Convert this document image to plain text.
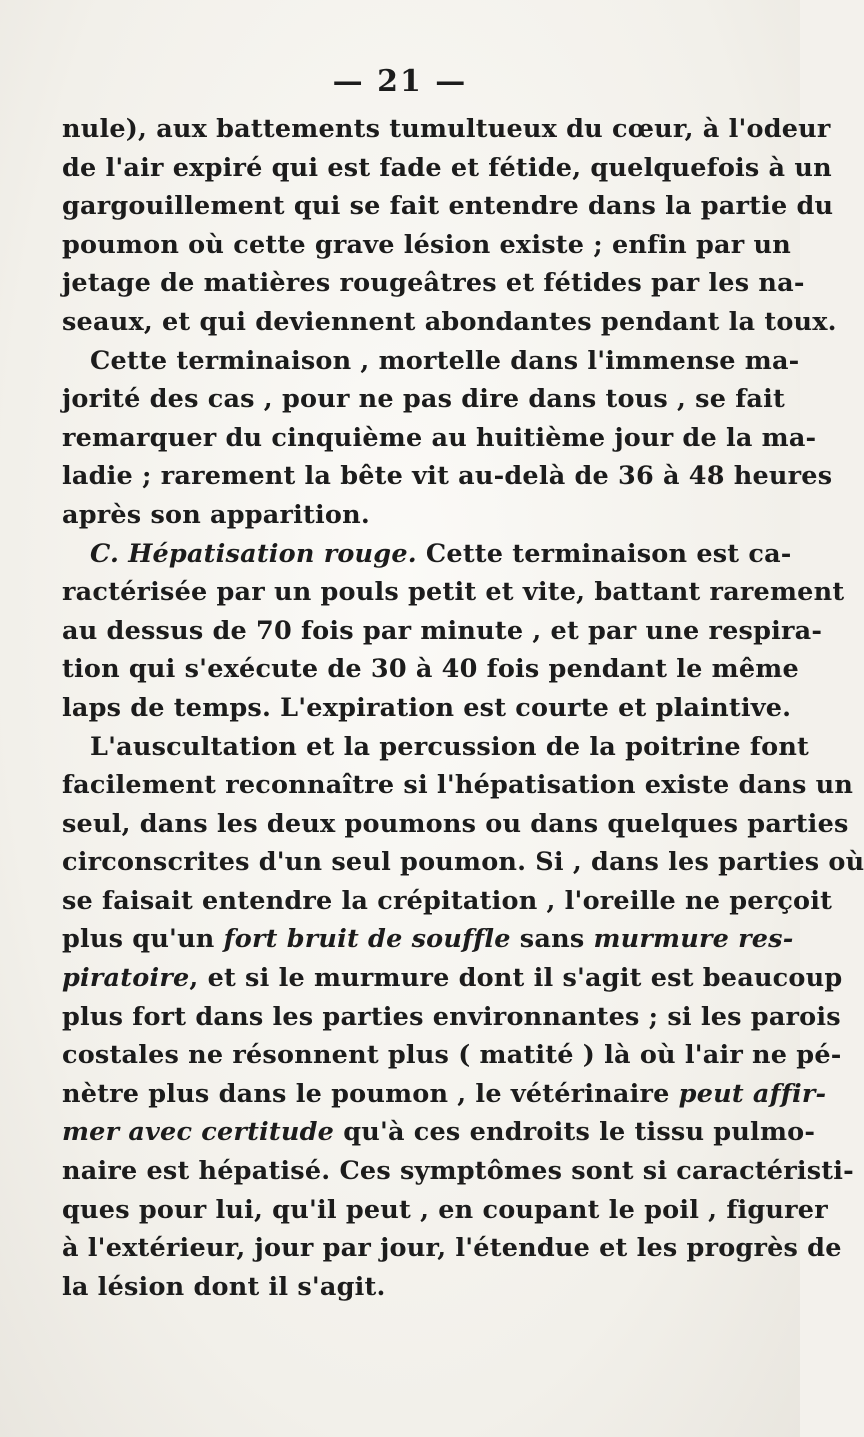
— 21 —
nule), aux battements tumultueux du cœur, à l'odeur
de l'air expiré qui est fade et fétide, quelquefois à un
gargouillement qui se fait entendre dans la partie du
poumon où cette grave lésion existe ; enfin par un
jetage de matières rougeâtres et fétides par les na-
seaux, et qui deviennent abondantes pendant la toux.
Cette terminaison , mortelle dans l'immense ma-
jorité des cas , pour ne pas dire dans tous , se fait
remarquer du cinquième au huitième jour de la ma-
ladie ; rarement la bête vit au-delà de 36 à 48 heures
après son apparition.
C. Hépatisation rouge. Cette terminaison est ca-
ractérisée par un pouls petit et vite, battant rarement
au dessus de 70 fois par minute , et par une respira-
tion qui s'exécute de 30 à 40 fois pendant le même
laps de temps. L'expiration est courte et plaintive.
L'auscultation et la percussion de la poitrine font
facilement reconnaître si l'hépatisation existe dans un
seul, dans les deux poumons ou dans quelques parties
circonscrites d'un seul poumon. Si , dans les parties où
se faisait entendre la crépitation , l'oreille ne perçoit
plus qu'un fort bruit de souffle sans murmure res-
piratoire, et si le murmure dont il s'agit est beaucoup
plus fort dans les parties environnantes ; si les parois
costales ne résonnent plus ( matité ) là où l'air ne pé-
nètre plus dans le poumon , le vétérinaire peut affir-
mer avec certitude qu'à ces endroits le tissu pulmo-
naire est hépatisé. Ces symptômes sont si caractéristi-
ques pour lui, qu'il peut , en coupant le poil , figurer
à l'extérieur, jour par jour, l'étendue et les progrès de
la lésion dont il s'agit.
